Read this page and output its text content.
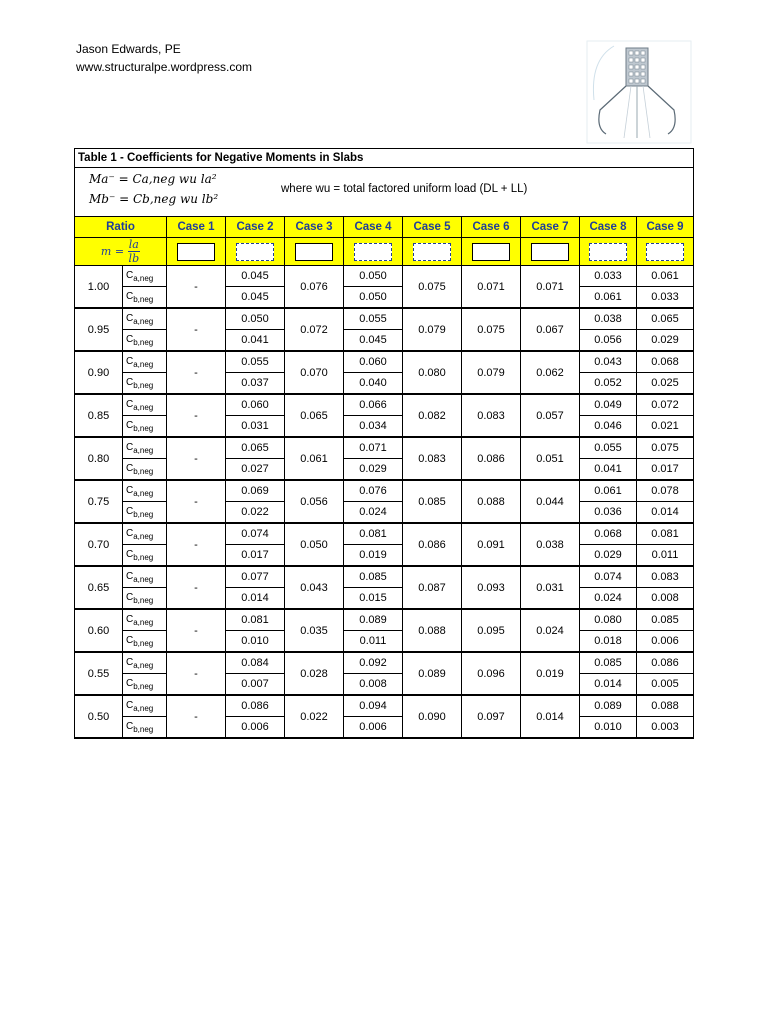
Jason Edwards, PE
www.structuralpe.wordpress.com
Table 1 - Coefficients for Negative Moments in Slabs										

Ma⁻ = Ca,neg wu la²
Mb⁻ = Cb,neg wu lb²
where wu = total factored uniform load (DL + LL)										

Ratio		Case 1	Case 2	Case 3	Case 4	Case 5	Case 6	Case 7	Case 8	Case 9
$m = \frac{la}{lb}$

1.00	$C_{a,neg}$	-	0.045	0.076	0.050	0.075	0.071	0.071	0.033	0.061
	$C_{b,neg}$		0.045		0.050				0.061	0.033
0.95	$C_{a,neg}$	-	0.050	0.072	0.055	0.079	0.075	0.067	0.038	0.065
	$C_{b,neg}$		0.041		0.045				0.056	0.029
0.90	$C_{a,neg}$	-	0.055	0.070	0.060	0.080	0.079	0.062	0.043	0.068
	$C_{b,neg}$		0.037		0.040				0.052	0.025
0.85	$C_{a,neg}$	-	0.060	0.065	0.066	0.082	0.083	0.057	0.049	0.072
	$C_{b,neg}$		0.031		0.034				0.046	0.021
0.80	$C_{a,neg}$	-	0.065	0.061	0.071	0.083	0.086	0.051	0.055	0.075
	$C_{b,neg}$		0.027		0.029				0.041	0.017
0.75	$C_{a,neg}$	-	0.069	0.056	0.076	0.085	0.088	0.044	0.061	0.078
	$C_{b,neg}$		0.022		0.024				0.036	0.014
0.70	$C_{a,neg}$	-	0.074	0.050	0.081	0.086	0.091	0.038	0.068	0.081
	$C_{b,neg}$		0.017		0.019				0.029	0.011
0.65	$C_{a,neg}$	-	0.077	0.043	0.085	0.087	0.093	0.031	0.074	0.083
	$C_{b,neg}$		0.014		0.015				0.024	0.008
0.60	$C_{a,neg}$	-	0.081	0.035	0.089	0.088	0.095	0.024	0.080	0.085
	$C_{b,neg}$		0.010		0.011				0.018	0.006
0.55	$C_{a,neg}$	-	0.084	0.028	0.092	0.089	0.096	0.019	0.085	0.086
	$C_{b,neg}$		0.007		0.008				0.014	0.005
0.50	$C_{a,neg}$	-	0.086	0.022	0.094	0.090	0.097	0.014	0.089	0.088
	$C_{b,neg}$		0.006		0.006				0.010	0.003
